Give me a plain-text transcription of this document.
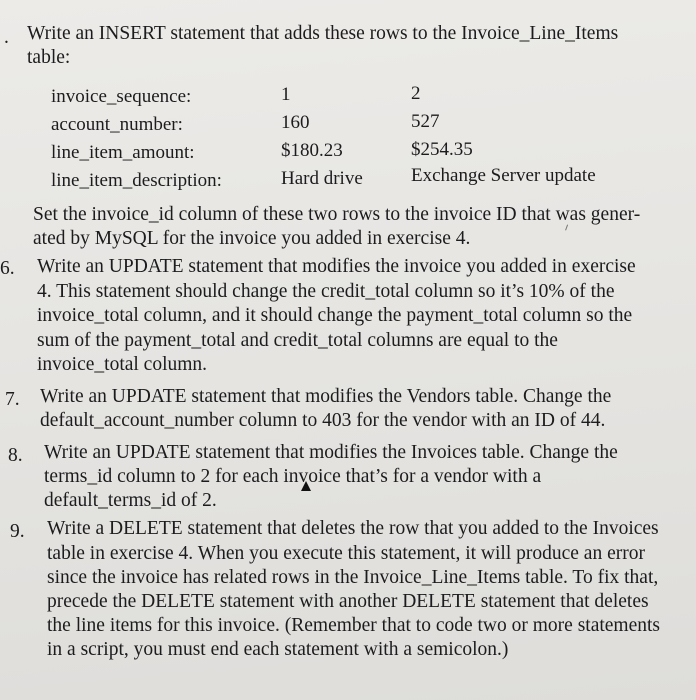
. Write an INSERT statement that adds these rows to the Invoice_Line_Items
table:
invoice_sequence:	1	2
account_number:	160	527
line_item_amount:	$180.23	$254.35
line_item_description:	Hard drive	Exchange Server update
Set the invoice_id column of these two rows to the invoice ID that was gener-
ated by MySQL for the invoice you added in exercise 4.
6. Write an UPDATE statement that modifies the invoice you added in exercise
4. This statement should change the credit_total column so it’s 10% of the
invoice_total column, and it should change the payment_total column so the
sum of the payment_total and credit_total columns are equal to the
invoice_total column.
7. Write an UPDATE statement that modifies the Vendors table. Change the
default_account_number column to 403 for the vendor with an ID of 44.
8. Write an UPDATE statement that modifies the Invoices table. Change the
terms_id column to 2 for each invoice that’s for a vendor with a
default_terms_id of 2.
9. Write a DELETE statement that deletes the row that you added to the Invoices
table in exercise 4. When you execute this statement, it will produce an error
since the invoice has related rows in the Invoice_Line_Items table. To fix that,
precede the DELETE statement with another DELETE statement that deletes
the line items for this invoice. (Remember that to code two or more statements
in a script, you must end each statement with a semicolon.)
